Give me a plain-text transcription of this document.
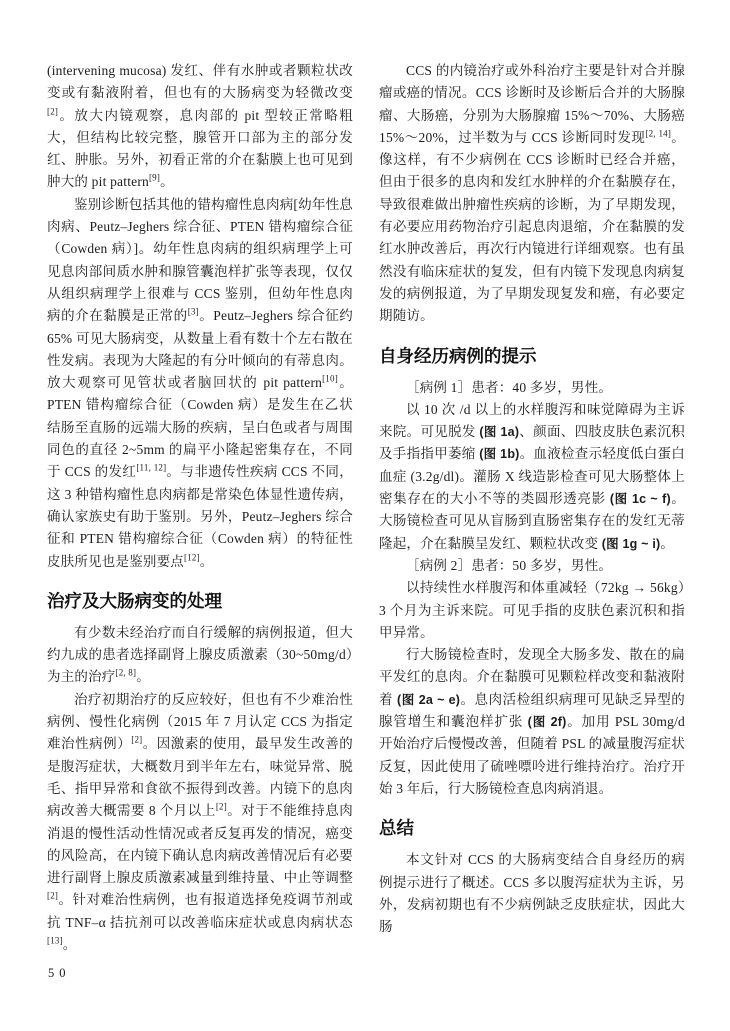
(intervening mucosa) 发红、伴有水肿或者颗粒状改变或有黏液附着，但也有的大肠病变为轻微改变[2]。放大内镜观察，息肉部的 pit 型较正常略粗大，但结构比较完整，腺管开口部为主的部分发红、肿胀。另外，初看正常的介在黏膜上也可见到肿大的 pit pattern[9]。

鉴别诊断包括其他的错构瘤性息肉病[幼年性息肉病、Peutz–Jeghers 综合征、PTEN 错构瘤综合征（Cowden 病）]。幼年性息肉病的组织病理学上可见息肉部间质水肿和腺管囊泡样扩张等表现，仅仅从组织病理学上很难与 CCS 鉴别，但幼年性息肉病的介在黏膜是正常的[3]。Peutz–Jeghers 综合征约 65% 可见大肠病变，从数量上看有数十个左右散在性发病。表现为大隆起的有分叶倾向的有蒂息肉。放大观察可见管状或者脑回状的 pit pattern[10]。PTEN 错构瘤综合征（Cowden 病）是发生在乙状结肠至直肠的远端大肠的疾病，呈白色或者与周围同色的直径 2~5mm 的扁平小隆起密集存在，不同于 CCS 的发红[11, 12]。与非遗传性疾病 CCS 不同，这 3 种错构瘤性息肉病都是常染色体显性遗传病，确认家族史有助于鉴别。另外，Peutz–Jeghers 综合征和 PTEN 错构瘤综合征（Cowden 病）的特征性皮肤所见也是鉴别要点[12]。

治疗及大肠病变的处理

有少数未经治疗而自行缓解的病例报道，但大约九成的患者选择副肾上腺皮质激素（30~50mg/d）为主的治疗[2, 8]。

治疗初期治疗的反应较好，但也有不少难治性病例、慢性化病例（2015 年 7 月认定 CCS 为指定难治性病例）[2]。因激素的使用，最早发生改善的是腹泻症状，大概数月到半年左右，味觉异常、脱毛、指甲异常和食欲不振得到改善。内镜下的息肉病改善大概需要 8 个月以上[2]。对于不能维持息肉消退的慢性活动性情况或者反复再发的情况，癌变的风险高，在内镜下确认息肉病改善情况后有必要进行副肾上腺皮质激素减量到维持量、中止等调整[2]。针对难治性病例，也有报道选择免疫调节剂或抗 TNF–α 拮抗剂可以改善临床症状或息肉病状态[13]。

CCS 的内镜治疗或外科治疗主要是针对合并腺瘤或癌的情况。CCS 诊断时及诊断后合并的大肠腺瘤、大肠癌，分别为大肠腺瘤 15%～70%、大肠癌 15%～20%，过半数为与 CCS 诊断同时发现[2, 14]。像这样，有不少病例在 CCS 诊断时已经合并癌，但由于很多的息肉和发红水肿样的介在黏膜存在，导致很难做出肿瘤性疾病的诊断，为了早期发现，有必要应用药物治疗引起息肉退缩，介在黏膜的发红水肿改善后，再次行内镜进行详细观察。也有虽然没有临床症状的复发，但有内镜下发现息肉病复发的病例报道，为了早期发现复发和癌，有必要定期随访。

自身经历病例的提示

［病例 1］患者：40 多岁，男性。

以 10 次 /d 以上的水样腹泻和味觉障碍为主诉来院。可见脱发 (图 1a)、颜面、四肢皮肤色素沉积及手指指甲萎缩 (图 1b)。血液检查示轻度低白蛋白血症 (3.2g/dl)。灌肠 X 线造影检查可见大肠整体上密集存在的大小不等的类圆形透亮影 (图 1c ~ f)。大肠镜检查可见从盲肠到直肠密集存在的发红无蒂隆起，介在黏膜呈发红、颗粒状改变 (图 1g ~ i)。

［病例 2］患者：50 多岁，男性。

以持续性水样腹泻和体重减轻（72kg → 56kg）3 个月为主诉来院。可见手指的皮肤色素沉积和指甲异常。

行大肠镜检查时，发现全大肠多发、散在的扁平发红的息肉。介在黏膜可见颗粒样改变和黏液附着 (图 2a ~ e)。息肉活检组织病理可见缺乏异型的腺管增生和囊泡样扩张 (图 2f)。加用 PSL 30mg/d 开始治疗后慢慢改善，但随着 PSL 的减量腹泻症状反复，因此使用了硫唑嘌呤进行维持治疗。治疗开始 3 年后，行大肠镜检查息肉病消退。

总结

本文针对 CCS 的大肠病变结合自身经历的病例提示进行了概述。CCS 多以腹泻症状为主诉，另外，发病初期也有不少病例缺乏皮肤症状，因此大肠

50
